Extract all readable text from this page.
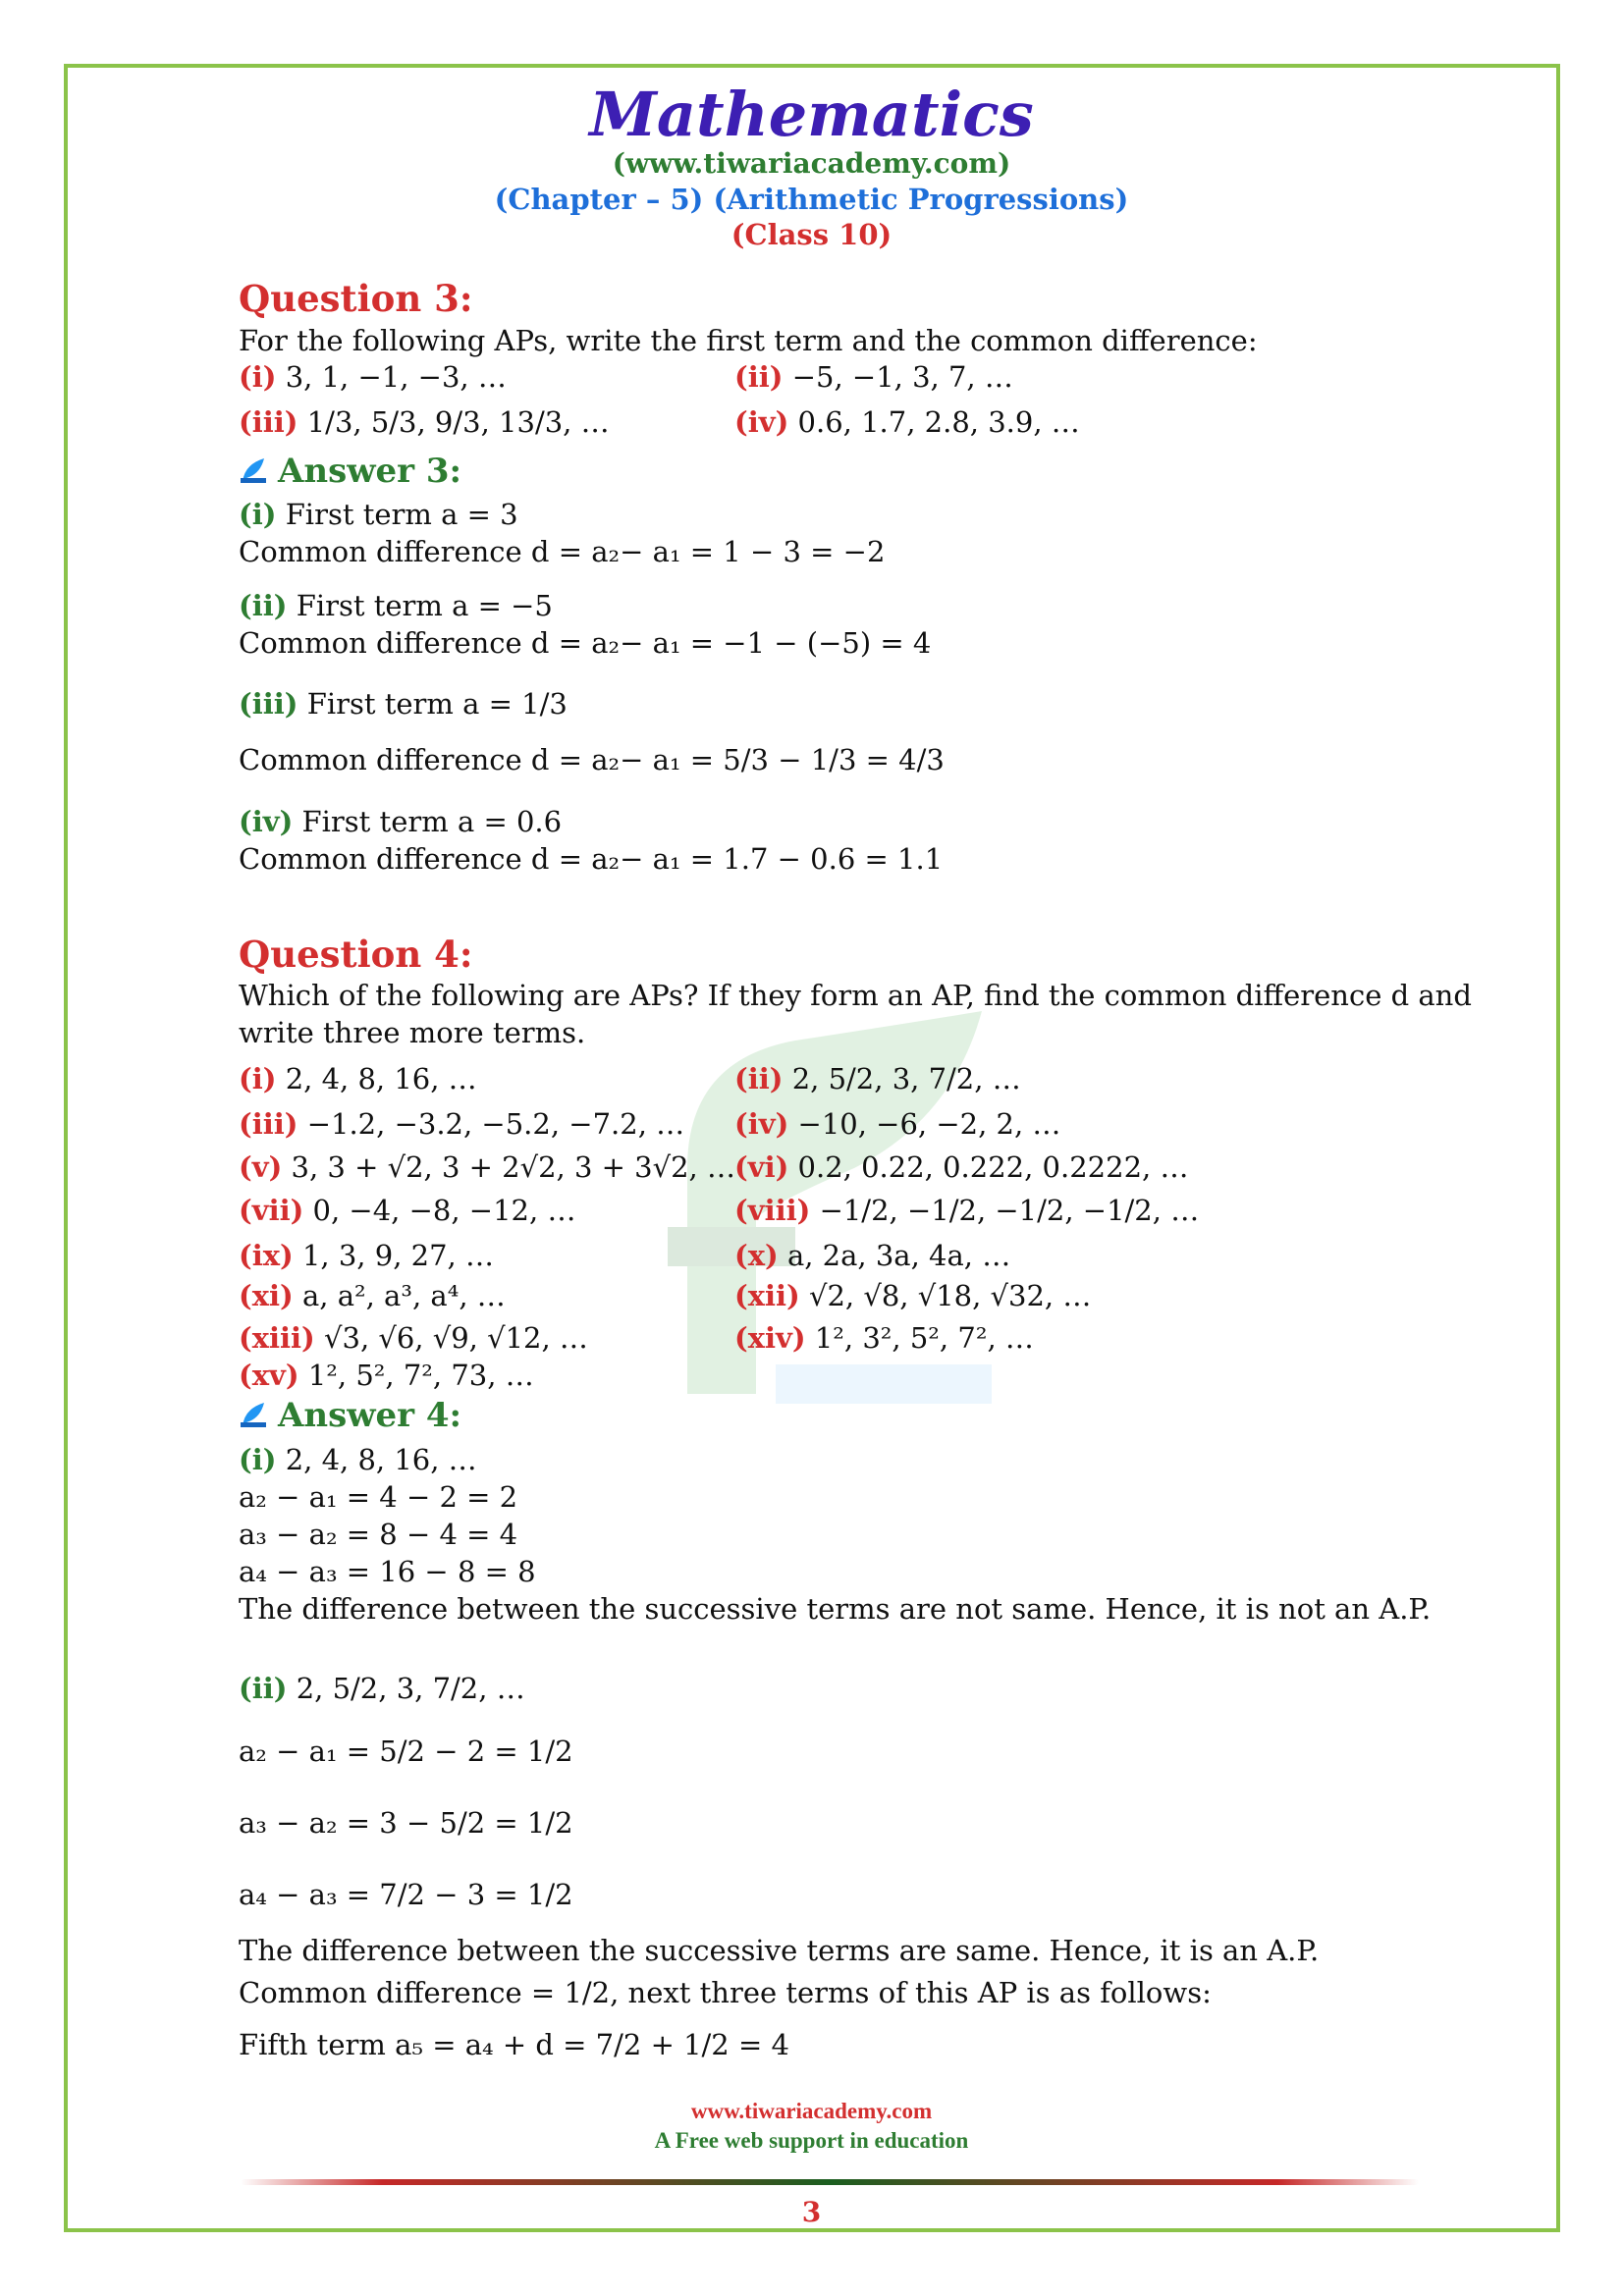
Mathematics
(www.tiwariacademy.com)
(Chapter – 5) (Arithmetic Progressions)
(Class 10)
Question 3:
For the following APs, write the first term and the common difference:
(i) 3, 1, −1, −3, …	(ii) −5, −1, 3, 7, …
(iii) 1/3, 5/3, 9/3, 13/3, …	(iv) 0.6, 1.7, 2.8, 3.9, …
Answer 3:
(i) First term a = 3
Common difference d = a₂− a₁ = 1 − 3 = −2
(ii) First term a = −5
Common difference d = a₂− a₁ = −1 − (−5) = 4
(iii) First term a = 1/3
Common difference d = a₂− a₁ = 5/3 − 1/3 = 4/3
(iv) First term a = 0.6
Common difference d = a₂− a₁ = 1.7 − 0.6 = 1.1
Question 4:
Which of the following are APs? If they form an AP, find the common difference d and
write three more terms.
(i) 2, 4, 8, 16, …	(ii) 2, 5/2, 3, 7/2, …
(iii) −1.2, −3.2, −5.2, −7.2, … (iv) −10, −6, −2, 2, …
(v) 3, 3 + √2, 3 + 2√2, 3 + 3√2, … (vi) 0.2, 0.22, 0.222, 0.2222, …
(vii) 0, −4, −8, −12, …	(viii) −1/2, −1/2, −1/2, −1/2, …
(ix) 1, 3, 9, 27, …	(x) a, 2a, 3a, 4a, …
(xi) a, a², a³, a⁴, …	(xii) √2, √8, √18, √32, …
(xiii) √3, √6, √9, √12, …	(xiv) 1², 3², 5², 7², …
(xv) 1², 5², 7², 73, …
Answer 4:
(i) 2, 4, 8, 16, …
a₂ − a₁ = 4 − 2 = 2
a₃ − a₂ = 8 − 4 = 4
a₄ − a₃ = 16 − 8 = 8
The difference between the successive terms are not same. Hence, it is not an A.P.
(ii) 2, 5/2, 3, 7/2, …
a₂ − a₁ = 5/2 − 2 = 1/2
a₃ − a₂ = 3 − 5/2 = 1/2
a₄ − a₃ = 7/2 − 3 = 1/2
The difference between the successive terms are same. Hence, it is an A.P.
Common difference = 1/2, next three terms of this AP is as follows:
Fifth term a₅ = a₄ + d = 7/2 + 1/2 = 4
www.tiwariacademy.com
A Free web support in education
3
